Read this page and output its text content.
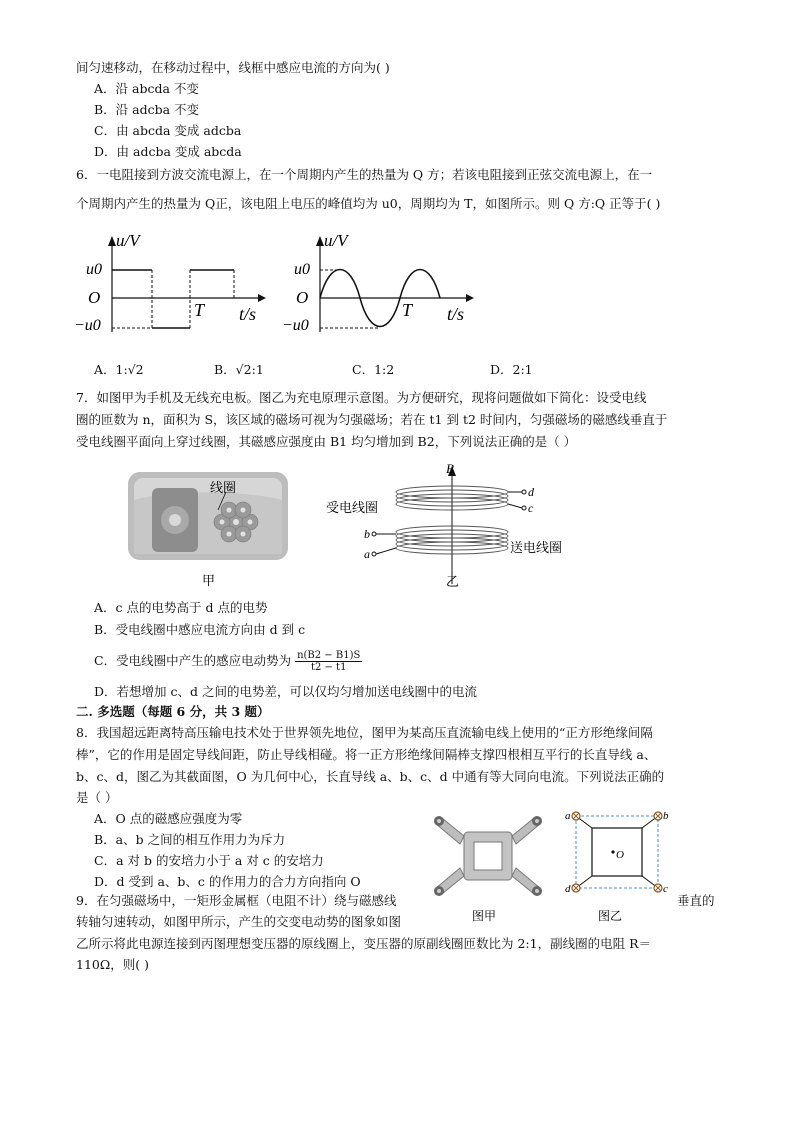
间匀速移动，在移动过程中，线框中感应电流的方向为( )
A．沿 abcda 不变
B．沿 adcba 不变
C．由 abcda 变成 adcba
D．由 adcba 变成 abcda
6．一电阻接到方波交流电源上，在一个周期内产生的热量为 Q 方；若该电阻接到正弦交流电源上，在一
个周期内产生的热量为 Q正，该电阻上电压的峰值均为 u0，周期均为 T，如图所示。则 Q 方:Q 正等于( )
u/V
u0
O
−u0
T t/s
u/V
u0
O
−u0
T t/s
A．1:√2	B．√2:1	C．1:2	D．2:1
7．如图甲为手机及无线充电板。图乙为充电原理示意图。为方便研究，现将问题做如下简化：设受电线
圈的匝数为 n，面积为 S，该区域的磁场可视为匀强磁场；若在 t1 到 t2 时间内，匀强磁场的磁感线垂直于
受电线圈平面向上穿过线圈，其磁感应强度由 B1 均匀增加到 B2，下列说法正确的是（ ）
线圈
甲
B
d
c
b
a
受电线圈
送电线圈
乙
A．c 点的电势高于 d 点的电势
B．受电线圈中感应电流方向由 d 到 c
C．受电线圈中产生的感应电动势为 $\frac{n(B2 - B1)S}{t2 - t1}$
D．若想增加 c、d 之间的电势差，可以仅均匀增加送电线圈中的电流
二. 多选题（每题 6 分，共 3 题）
8．我国超远距离特高压输电技术处于世界领先地位，图甲为某高压直流输电线上使用的“正方形绝缘间隔
棒”，它的作用是固定导线间距，防止导线相碰。将一正方形绝缘间隔棒支撑四根相互平行的长直导线 a、
b、c、d，图乙为其截面图，O 为几何中心，长直导线 a、b、c、d 中通有等大同向电流。下列说法正确的
是（ ）
A．O 点的磁感应强度为零
B．a、b 之间的相互作用力为斥力
C．a 对 b 的安培力小于 a 对 c 的安培力
D．d 受到 a、b、c 的作用力的合力方向指向 O
图甲
a	b
c
d
O
图乙
9．在匀强磁场中，一矩形金属框（电阻不计）绕与磁感线	垂直的
转轴匀速转动，如图甲所示，产生的交变电动势的图象如图
乙所示将此电源连接到丙图理想变压器的原线圈上，变压器的原副线圈匝数比为 2:1，副线圈的电阻 R＝
110Ω，则( )
